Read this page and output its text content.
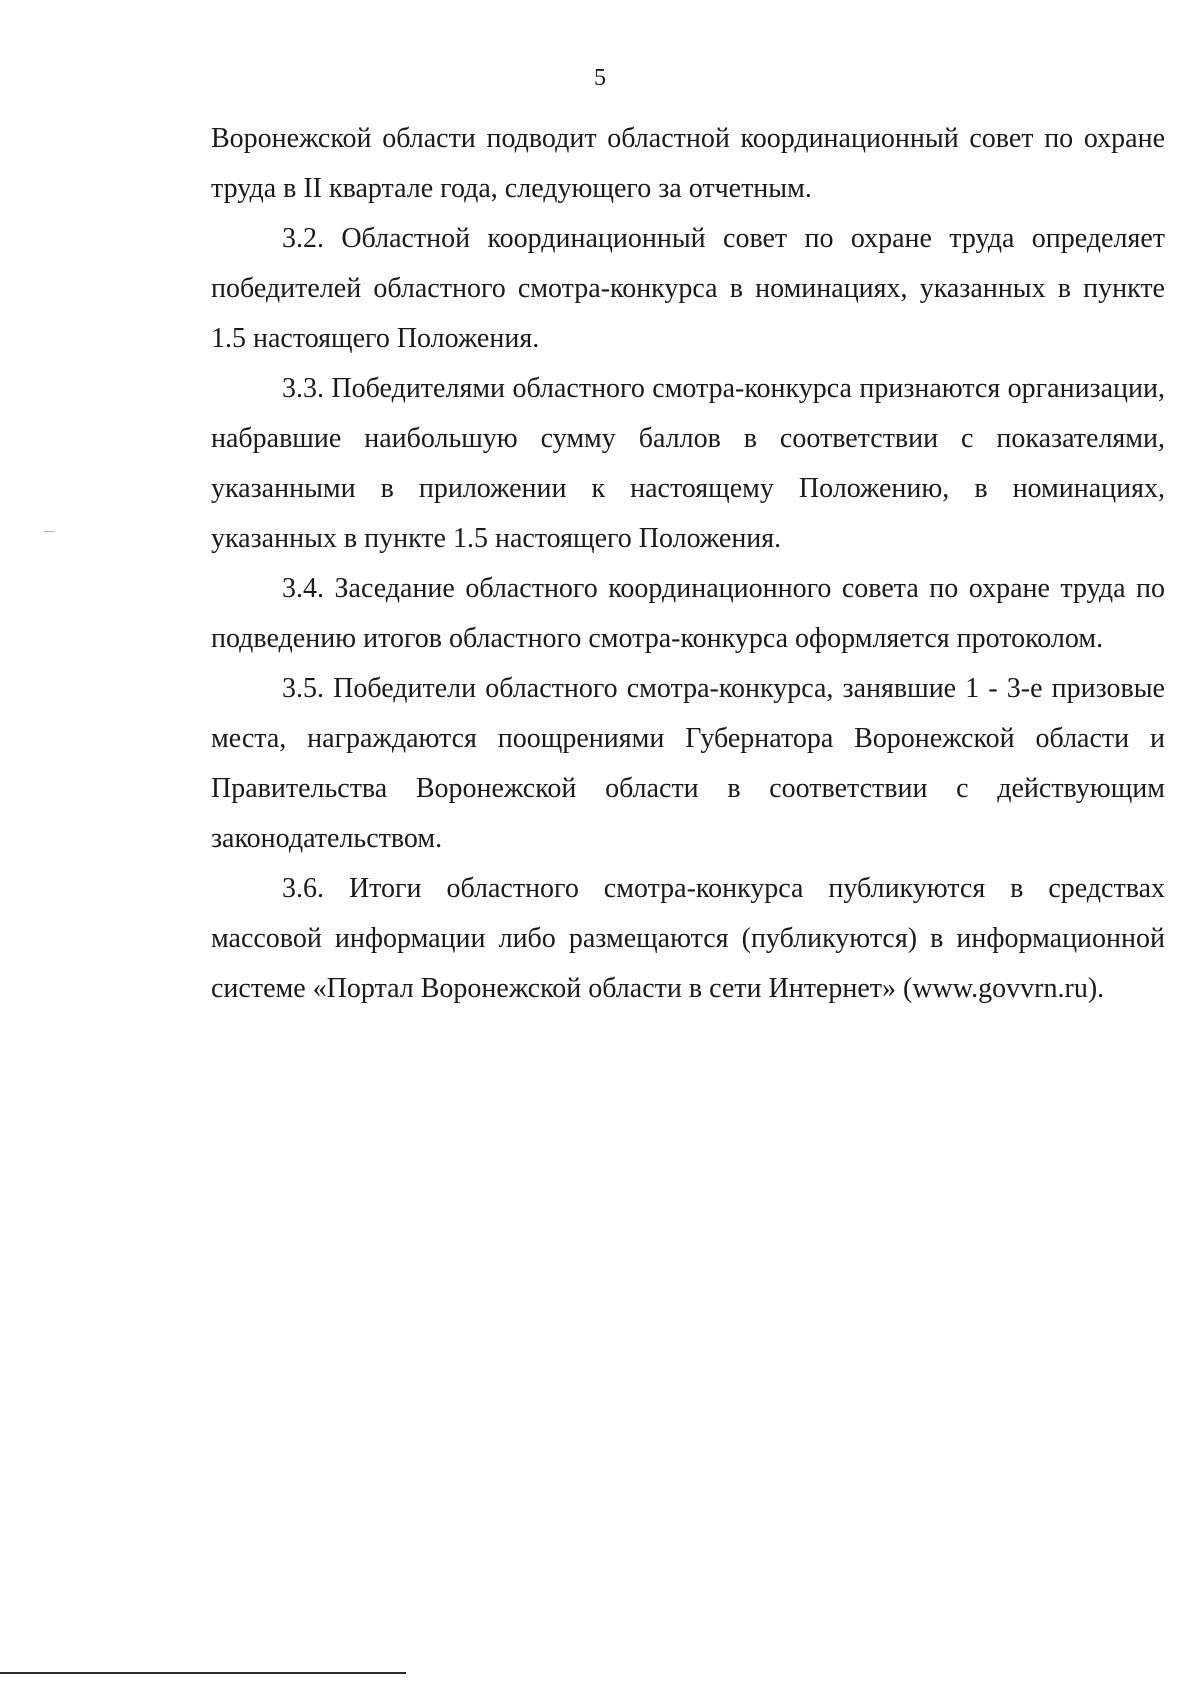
5

Воронежской области подводит областной координационный совет по охране труда в II квартале года, следующего за отчетным.

3.2. Областной координационный совет по охране труда определяет победителей областного смотра-конкурса в номинациях, указанных в пункте 1.5 настоящего Положения.

3.3. Победителями областного смотра-конкурса признаются организации, набравшие наибольшую сумму баллов в соответствии с показателями, указанными в приложении к настоящему Положению, в номинациях, указанных в пункте 1.5 настоящего Положения.

3.4. Заседание областного координационного совета по охране труда по подведению итогов областного смотра-конкурса оформляется протоколом.

3.5. Победители областного смотра-конкурса, занявшие 1 - 3-е призовые места, награждаются поощрениями Губернатора Воронежской области и Правительства Воронежской области в соответствии с действующим законодательством.

3.6. Итоги областного смотра-конкурса публикуются в средствах массовой информации либо размещаются (публикуются) в информационной системе «Портал Воронежской области в сети Интернет» (www.govvrn.ru).
